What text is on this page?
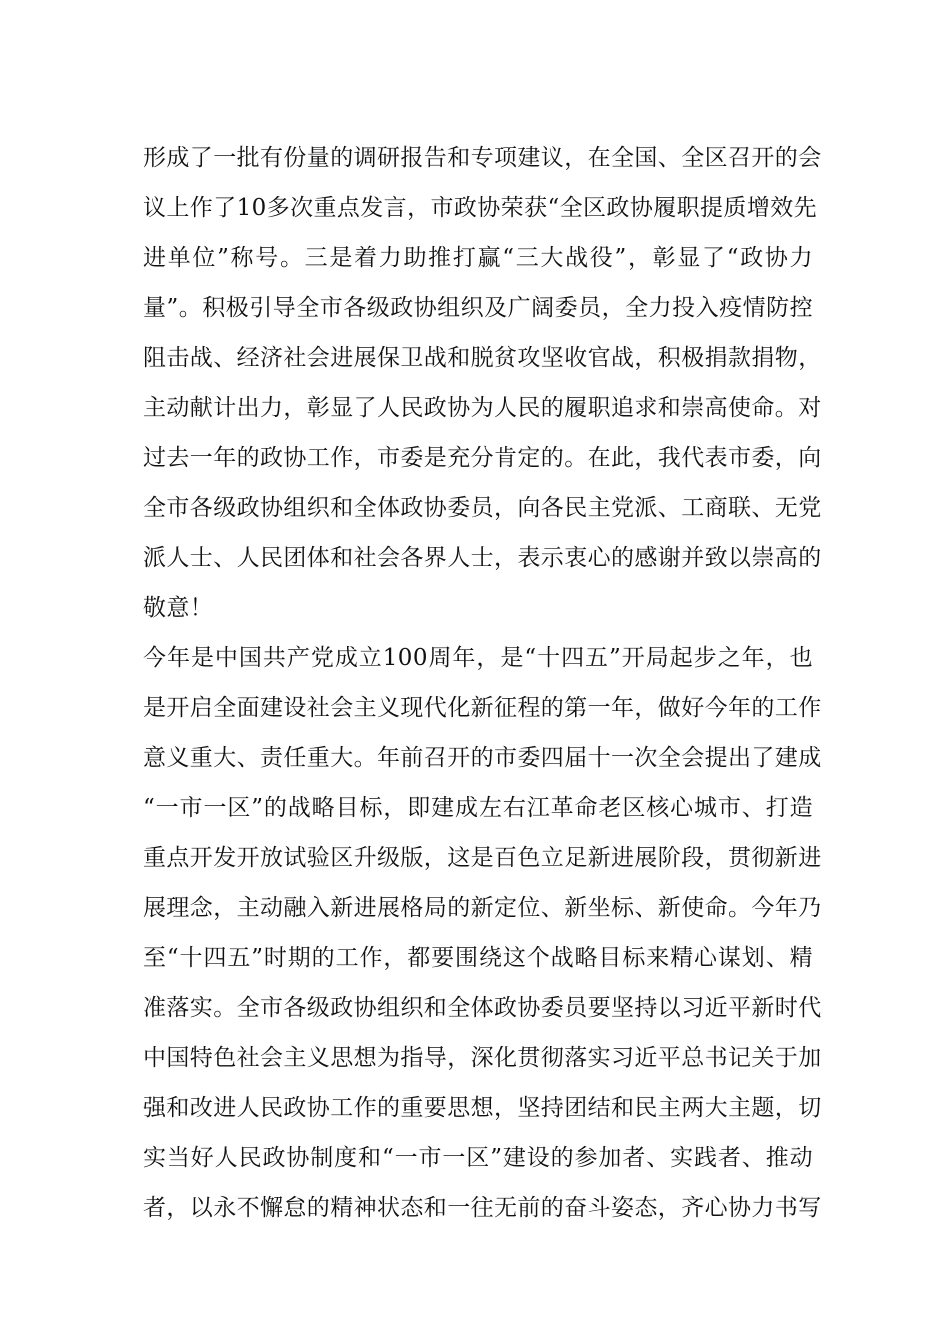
形成了一批有份量的调研报告和专项建议，在全国、全区召开的会
议上作了10多次重点发言，市政协荣获“全区政协履职提质增效先
进单位”称号。三是着力助推打赢“三大战役”，彰显了“政协力
量”。积极引导全市各级政协组织及广阔委员，全力投入疫情防控
阻击战、经济社会进展保卫战和脱贫攻坚收官战，积极捐款捐物，
主动献计出力，彰显了人民政协为人民的履职追求和崇高使命。对
过去一年的政协工作，市委是充分肯定的。在此，我代表市委，向
全市各级政协组织和全体政协委员，向各民主党派、工商联、无党
派人士、人民团体和社会各界人士，表示衷心的感谢并致以崇高的
敬意！
今年是中国共产党成立100周年，是“十四五”开局起步之年，也
是开启全面建设社会主义现代化新征程的第一年，做好今年的工作
意义重大、责任重大。年前召开的市委四届十一次全会提出了建成
“一市一区”的战略目标，即建成左右江革命老区核心城市、打造
重点开发开放试验区升级版，这是百色立足新进展阶段，贯彻新进
展理念，主动融入新进展格局的新定位、新坐标、新使命。今年乃
至“十四五”时期的工作，都要围绕这个战略目标来精心谋划、精
准落实。全市各级政协组织和全体政协委员要坚持以习近平新时代
中国特色社会主义思想为指导，深化贯彻落实习近平总书记关于加
强和改进人民政协工作的重要思想，坚持团结和民主两大主题，切
实当好人民政协制度和“一市一区”建设的参加者、实践者、推动
者，以永不懈怠的精神状态和一往无前的奋斗姿态，齐心协力书写
